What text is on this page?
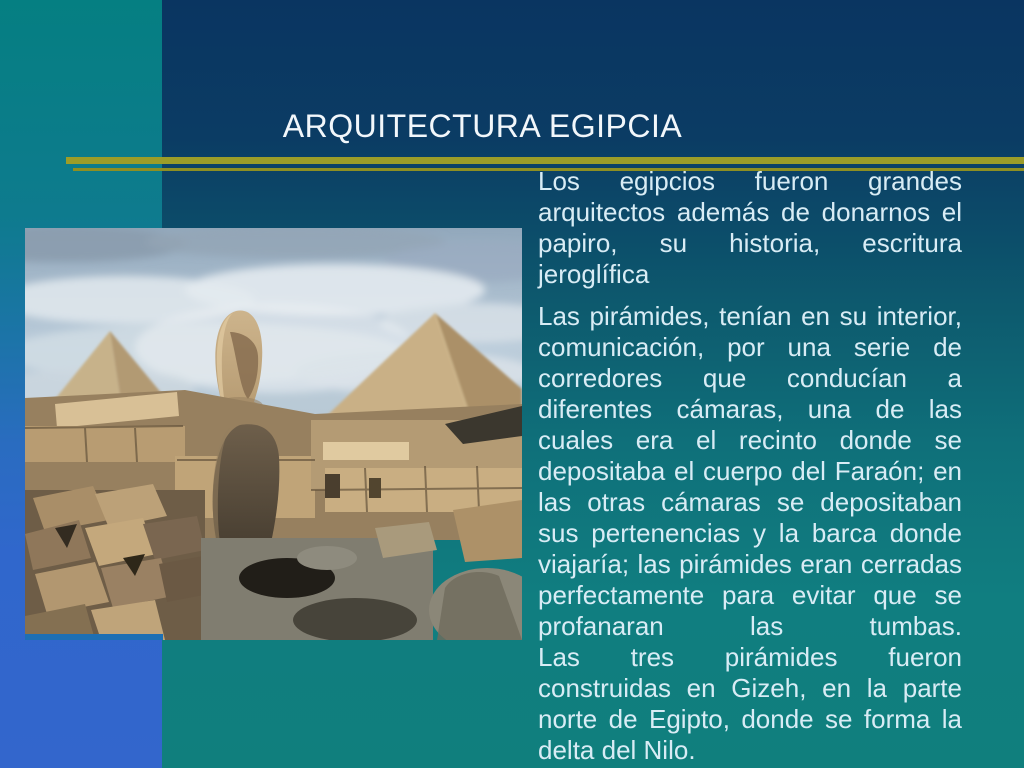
ARQUITECTURA EGIPCIA

Los egipcios fueron grandes arquitectos además de donarnos el papiro, su historia, escritura jeroglífica

Las pirámides, tenían en su interior, comunicación, por una serie de corredores que conducían a diferentes cámaras, una de las cuales era el recinto donde se depositaba el cuerpo del Faraón; en las otras cámaras se depositaban sus pertenencias y la barca donde viajaría; las pirámides eran cerradas perfectamente para evitar que se profanaran las tumbas.

Las tres pirámides fueron construidas en Gizeh, en la parte norte de Egipto, donde se forma la delta del Nilo.
